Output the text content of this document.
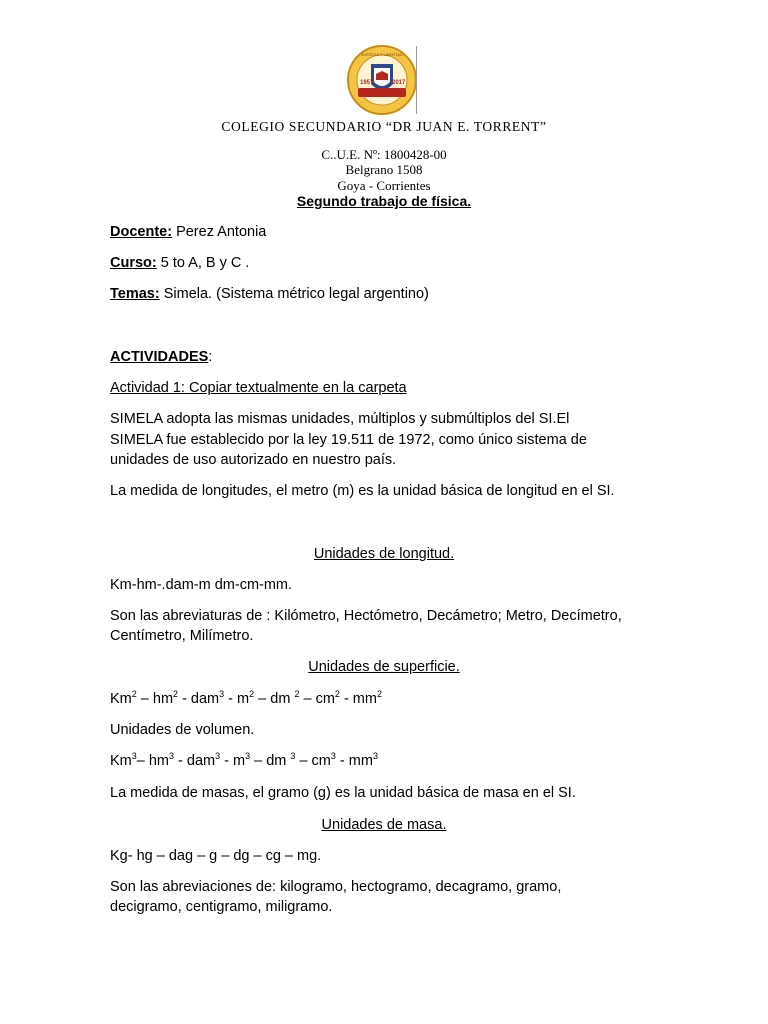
1957	2017
JUSTICIA Y LIBERTAD
COLEGIO SECUNDARIO “DR JUAN E. TORRENT”
C..U.E. Nº: 1800428-00
Belgrano 1508
Goya - Corrientes
Segundo trabajo de física.
Docente: Perez Antonia
Curso: 5 to A, B y C .
Temas: Simela. (Sistema métrico legal argentino)
ACTIVIDADES:
Actividad 1: Copiar textualmente en la carpeta
SIMELA adopta las mismas unidades, múltiplos y submúltiplos del SI.El
SIMELA fue establecido por la ley 19.511 de 1972, como único sistema de
unidades de uso autorizado en nuestro país.
La medida de longitudes, el metro (m) es la unidad básica de longitud en el SI.
Unidades de longitud.
Km-hm-.dam-m dm-cm-mm.
Son las abreviaturas de : Kilómetro, Hectómetro, Decámetro; Metro, Decímetro,
Centímetro, Milímetro.
Unidades de superficie.
$Km^2 - hm^2 - dam^3 - m^2$ – dm $^2 - cm^2 - mm^2$
Unidades de volumen.
Km$^3$– $hm^3 - dam^3 - m^3$ – dm $^3 - cm^3 - mm^3$
La medida de masas, el gramo (g) es la unidad básica de masa en el SI.
Unidades de masa.
Kg- hg – dag – g – dg – cg – mg.
Son las abreviaciones de: kilogramo, hectogramo, decagramo, gramo,
decigramo, centigramo, miligramo.
